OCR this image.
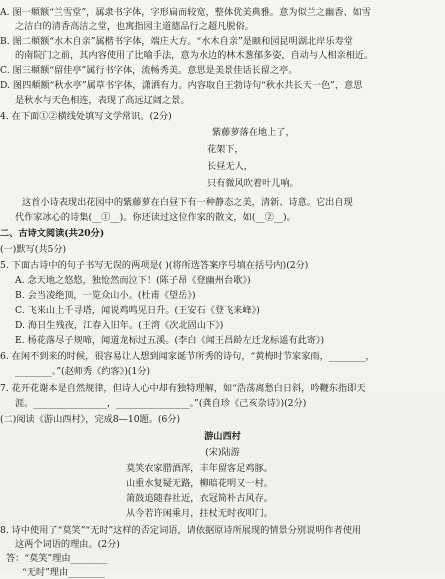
A. 图一頫额“兰雪堂”，属隶书字体，字形扁而较宽，整体优美典雅。意为似兰之幽香、如雪
之洁白的清香高洁之堂，也寓指园主道德品行之超凡脱俗。
B. 图二頫额“水木自亲”属楷书字体，端庄大方。“水木自亲”是颐和园昆明湖北岸乐寿堂
的南院门之前，其内容使用了比喻手法，意为水边的林木葱郁多姿，自动与人相亲相近。
C. 图三頫额“留佳亭”属行书字体，流畅秀美。意思是美景佳话长留之亭。
D. 图四頫额“秋水亭”属草书字体，潇洒有力。内容取自王勃诗句“秋水共长天一色”，意思
是秋水与天色相连，表现了高远辽阔之景。
4. 在下面①②横线处填写文学常识。(2分)
紫藤萝落在地上了，
花架下，
长昼无人，
只有微风吹着叶儿响。
这首小诗表现出花园中的紫藤萝在白昼下有一种静态之美，清新、诗意。它出自现
代作家冰心的诗集(__①__)。你还读过这位作家的散文，如(__②__)。
二、古诗文阅读(共20分)
(一)默写(共5分)
5. 下面古诗中的句子书写无误的两项是( )(将所选答案序号填在括号内)(2分)
A. 念天地之悠悠，独怆然而泣下！(陈子昂《登幽州台歌》)
B. 会当凌绝顶，一览众山小。(杜甫《望岳》)
C. 飞来山上千寻塔，闻说鸡鸣见日升。(王安石《登飞来峰》)
D. 海日生残夜，江春入旧年。(王湾《次北固山下》)
E. 杨花落尽子规啼，闻道龙标过五溪。(李白《闻王昌龄左迁龙标遥有此寄》)
6. 在闲不到来的时候，很容易让人想到闻家诞节所秀的诗句，“黄梅时节家家雨，________，
________。”(赵师秀《约客》)(1分)
7. 花开花谢本是自然规律，但诗人心中却有独特理解，如“浩荡离愁白日斜，吟鞭东指即天
涯。________________，________________。”(龚自珍《己亥杂诗》)(2分)
(二)阅读《游山西村》，完成8—10题。(6分)
游山西村
(宋)陆游
莫笑农家腊酒浑，丰年留客足鸡豚。
山重水复疑无路，柳暗花明又一村。
箫鼓追随春社近，衣冠简朴古风存。
从今若许闲乘月，拄杖无时夜叩门。
8. 诗中使用了“莫笑”“无时”这样的否定词语，请依据原诗所展现的情景分别说明作者使用
这两个词语的理由。(2分)
答：“莫笑”理由________
“无时”理由________
